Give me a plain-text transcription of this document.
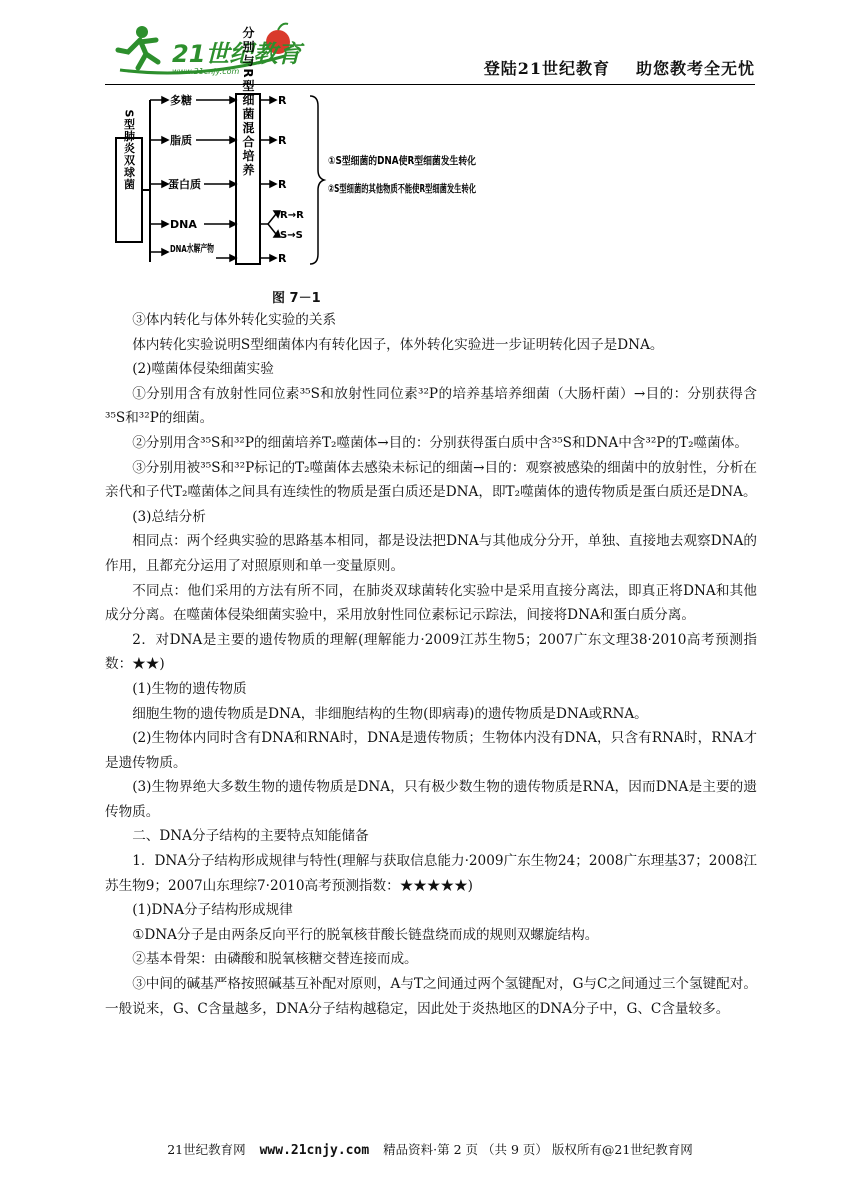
21世纪教育
www.21cnjy.com	登陆21世纪教育 助您教考全无忧
S型肺炎双球菌
多糖
脂质
蛋白质
DNA
DNA水解产物
分别与R型细菌混合培养 R
R
R
R→R
S→S
R
①S型细菌的DNA使R型细菌发生转化
②S型细菌的其他物质不能使R型细菌发生转化
图 7－1

③体内转化与体外转化实验的关系

体内转化实验说明S型细菌体内有转化因子，体外转化实验进一步证明转化因子是DNA。

(2)噬菌体侵染细菌实验

①分别用含有放射性同位素³⁵S和放射性同位素³²P的培养基培养细菌（大肠杆菌）→目的：分别获得含³⁵S和³²P的细菌。

②分别用含³⁵S和³²P的细菌培养T₂噬菌体→目的：分别获得蛋白质中含³⁵S和DNA中含³²P的T₂噬菌体。

③分别用被³⁵S和³²P标记的T₂噬菌体去感染未标记的细菌→目的：观察被感染的细菌中的放射性，分析在亲代和子代T₂噬菌体之间具有连续性的物质是蛋白质还是DNA，即T₂噬菌体的遗传物质是蛋白质还是DNA。

(3)总结分析

相同点：两个经典实验的思路基本相同，都是设法把DNA与其他成分分开，单独、直接地去观察DNA的作用，且都充分运用了对照原则和单一变量原则。

不同点：他们采用的方法有所不同，在肺炎双球菌转化实验中是采用直接分离法，即真正将DNA和其他成分分离。在噬菌体侵染细菌实验中，采用放射性同位素标记示踪法，间接将DNA和蛋白质分离。

2．对DNA是主要的遗传物质的理解(理解能力·2009江苏生物5；2007广东文理38·2010高考预测指数：★★)

(1)生物的遗传物质

细胞生物的遗传物质是DNA，非细胞结构的生物(即病毒)的遗传物质是DNA或RNA。

(2)生物体内同时含有DNA和RNA时，DNA是遗传物质；生物体内没有DNA，只含有RNA时，RNA才是遗传物质。

(3)生物界绝大多数生物的遗传物质是DNA，只有极少数生物的遗传物质是RNA，因而DNA是主要的遗传物质。

二、DNA分子结构的主要特点知能储备

1．DNA分子结构形成规律与特性(理解与获取信息能力·2009广东生物24；2008广东理基37；2008江苏生物9；2007山东理综7·2010高考预测指数：★★★★★)

(1)DNA分子结构形成规律

①DNA分子是由两条反向平行的脱氧核苷酸长链盘绕而成的规则双螺旋结构。

②基本骨架：由磷酸和脱氧核糖交替连接而成。

③中间的碱基严格按照碱基互补配对原则，A与T之间通过两个氢键配对，G与C之间通过三个氢键配对。一般说来，G、C含量越多，DNA分子结构越稳定，因此处于炎热地区的DNA分子中，G、C含量较多。

21世纪教育网 www.21cnjy.com 精品资料·第 2 页 （共 9 页） 版权所有@21世纪教育网
